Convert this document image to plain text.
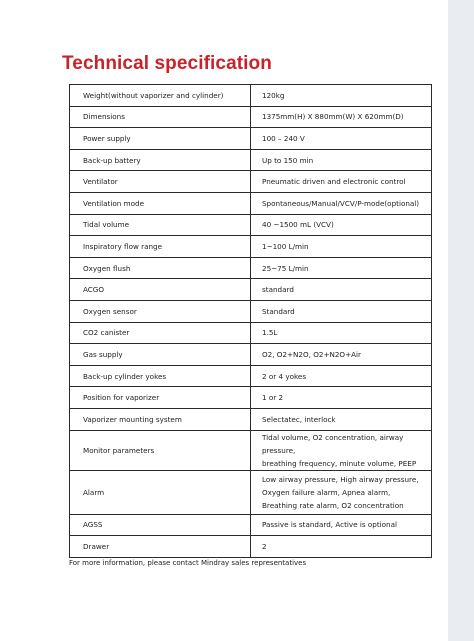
Technical specification
Weight(without vaporizer and cylinder)	120kg

Dimensions	1375mm(H) X 880mm(W) X 620mm(D)

Power supply	100 – 240 V

Back-up battery	Up to 150 min

Ventilator	Pneumatic driven and electronic control

Ventilation mode	Spontaneous/Manual/VCV/P-mode(optional)

Tidal volume	40 ~1500 mL (VCV)

Inspiratory flow range	1~100 L/min

Oxygen flush	25~75 L/min

ACGO	standard

Oxygen sensor	Standard

CO2 canister	1.5L

Gas supply	O2, O2+N2O, O2+N2O+Air

Back-up cylinder yokes	2 or 4 yokes

Position for vaporizer	1 or 2

Vaporizer mounting system	Selectatec, interlock

Monitor parameters	Tidal volume, O2 concentration, airway pressure,
breathing frequency, minute volume, PEEP

Alarm	Low airway pressure, High airway pressure,
Oxygen failure alarm, Apnea alarm,
Breathing rate alarm, O2 concentration

AGSS	Passive is standard, Active is optional

Drawer	2
For more information, please contact Mindray sales representatives
